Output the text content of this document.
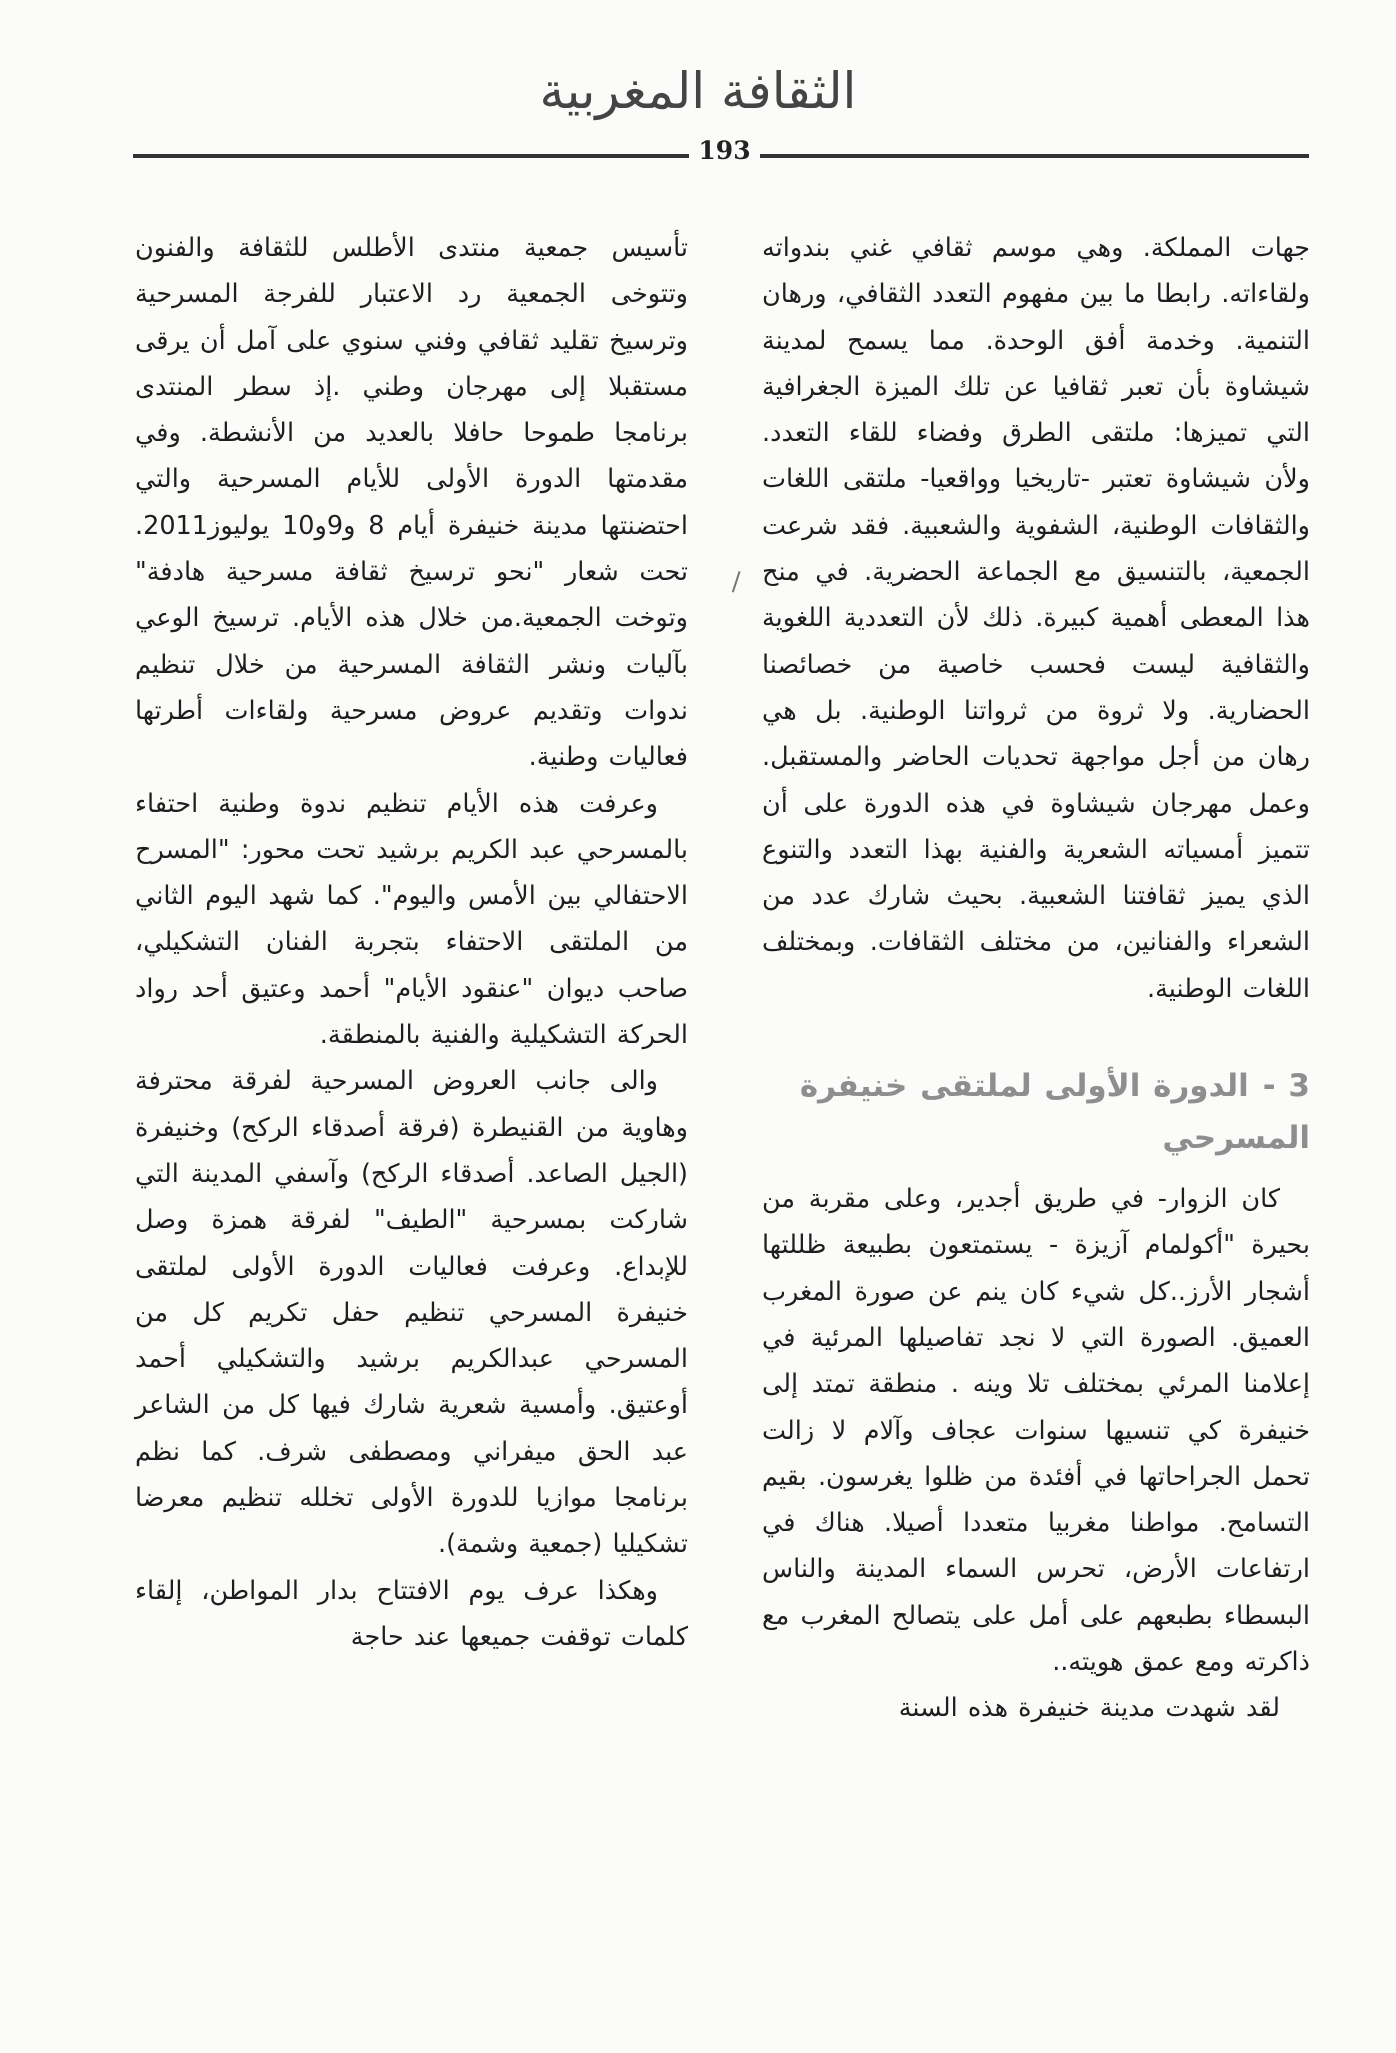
الثقافة المغربية
193

جهات المملكة. وهي موسم ثقافي غني بندواته ولقاءاته. رابطا ما بين مفهوم التعدد الثقافي، ورهان التنمية. وخدمة أفق الوحدة. مما يسمح لمدينة شيشاوة بأن تعبر ثقافيا عن تلك الميزة الجغرافية التي تميزها: ملتقى الطرق وفضاء للقاء التعدد. ولأن شيشاوة تعتبر -تاريخيا وواقعيا- ملتقى اللغات والثقافات الوطنية، الشفوية والشعبية. فقد شرعت الجمعية، بالتنسيق مع الجماعة الحضرية. في منح هذا المعطى أهمية كبيرة. ذلك لأن التعددية اللغوية والثقافية ليست فحسب خاصية من خصائصنا الحضارية. ولا ثروة من ثرواتنا الوطنية. بل هي رهان من أجل مواجهة تحديات الحاضر والمستقبل. وعمل مهرجان شيشاوة في هذه الدورة على أن تتميز أمسياته الشعرية والفنية بهذا التعدد والتنوع الذي يميز ثقافتنا الشعبية. بحيث شارك عدد من الشعراء والفنانين، من مختلف الثقافات. وبمختلف اللغات الوطنية.

3 -الدورة الأولى لملتقى خنيفرة المسرحي

كان الزوار- في طريق أجدير، وعلى مقربة من بحيرة "أكولمام آزيزة - يستمتعون بطبيعة ظللتها أشجار الأرز..كل شيء كان ينم عن صورة المغرب العميق. الصورة التي لا نجد تفاصيلها المرئية في إعلامنا المرئي بمختلف تلا وينه . منطقة تمتد إلى خنيفرة كي تنسيها سنوات عجاف وآلام لا زالت تحمل الجراحاتها في أفئدة من ظلوا يغرسون. بقيم التسامح. مواطنا مغربيا متعددا أصيلا. هناك في ارتفاعات الأرض، تحرس السماء المدينة والناس البسطاء بطبعهم على أمل على يتصالح المغرب مع ذاكرته ومع عمق هويته..

لقد شهدت مدينة خنيفرة هذه السنة

تأسيس جمعية منتدى الأطلس للثقافة والفنون وتتوخى الجمعية رد الاعتبار للفرجة المسرحية وترسيخ تقليد ثقافي وفني سنوي على آمل أن يرقى مستقبلا إلى مهرجان وطني .إذ سطر المنتدى برنامجا طموحا حافلا بالعديد من الأنشطة. وفي مقدمتها الدورة الأولى للأيام المسرحية والتي احتضنتها مدينة خنيفرة أيام 8 و9و10 يوليوز2011. تحت شعار "نحو ترسيخ ثقافة مسرحية هادفة" وتوخت الجمعية.من خلال هذه الأيام. ترسيخ الوعي بآليات ونشر الثقافة المسرحية من خلال تنظيم ندوات وتقديم عروض مسرحية ولقاءات أطرتها فعاليات وطنية.

وعرفت هذه الأيام تنظيم ندوة وطنية احتفاء بالمسرحي عبد الكريم برشيد تحت محور: "المسرح الاحتفالي بين الأمس واليوم". كما شهد اليوم الثاني من الملتقى الاحتفاء بتجربة الفنان التشكيلي، صاحب ديوان "عنقود الأيام" أحمد وعتيق أحد رواد الحركة التشكيلية والفنية بالمنطقة.

والى جانب العروض المسرحية لفرقة محترفة وهاوية من القنيطرة (فرقة أصدقاء الركح) وخنيفرة (الجيل الصاعد. أصدقاء الركح) وآسفي المدينة التي شاركت بمسرحية "الطيف" لفرقة همزة وصل للإبداع. وعرفت فعاليات الدورة الأولى لملتقى خنيفرة المسرحي تنظيم حفل تكريم كل من المسرحي عبدالكريم برشيد والتشكيلي أحمد أوعتيق. وأمسية شعرية شارك فيها كل من الشاعر عبد الحق ميفراني ومصطفى شرف. كما نظم برنامجا موازيا للدورة الأولى تخلله تنظيم معرضا تشكيليا (جمعية وشمة).

وهكذا عرف يوم الافتتاح بدار المواطن، إلقاء كلمات توقفت جميعها عند حاجة
